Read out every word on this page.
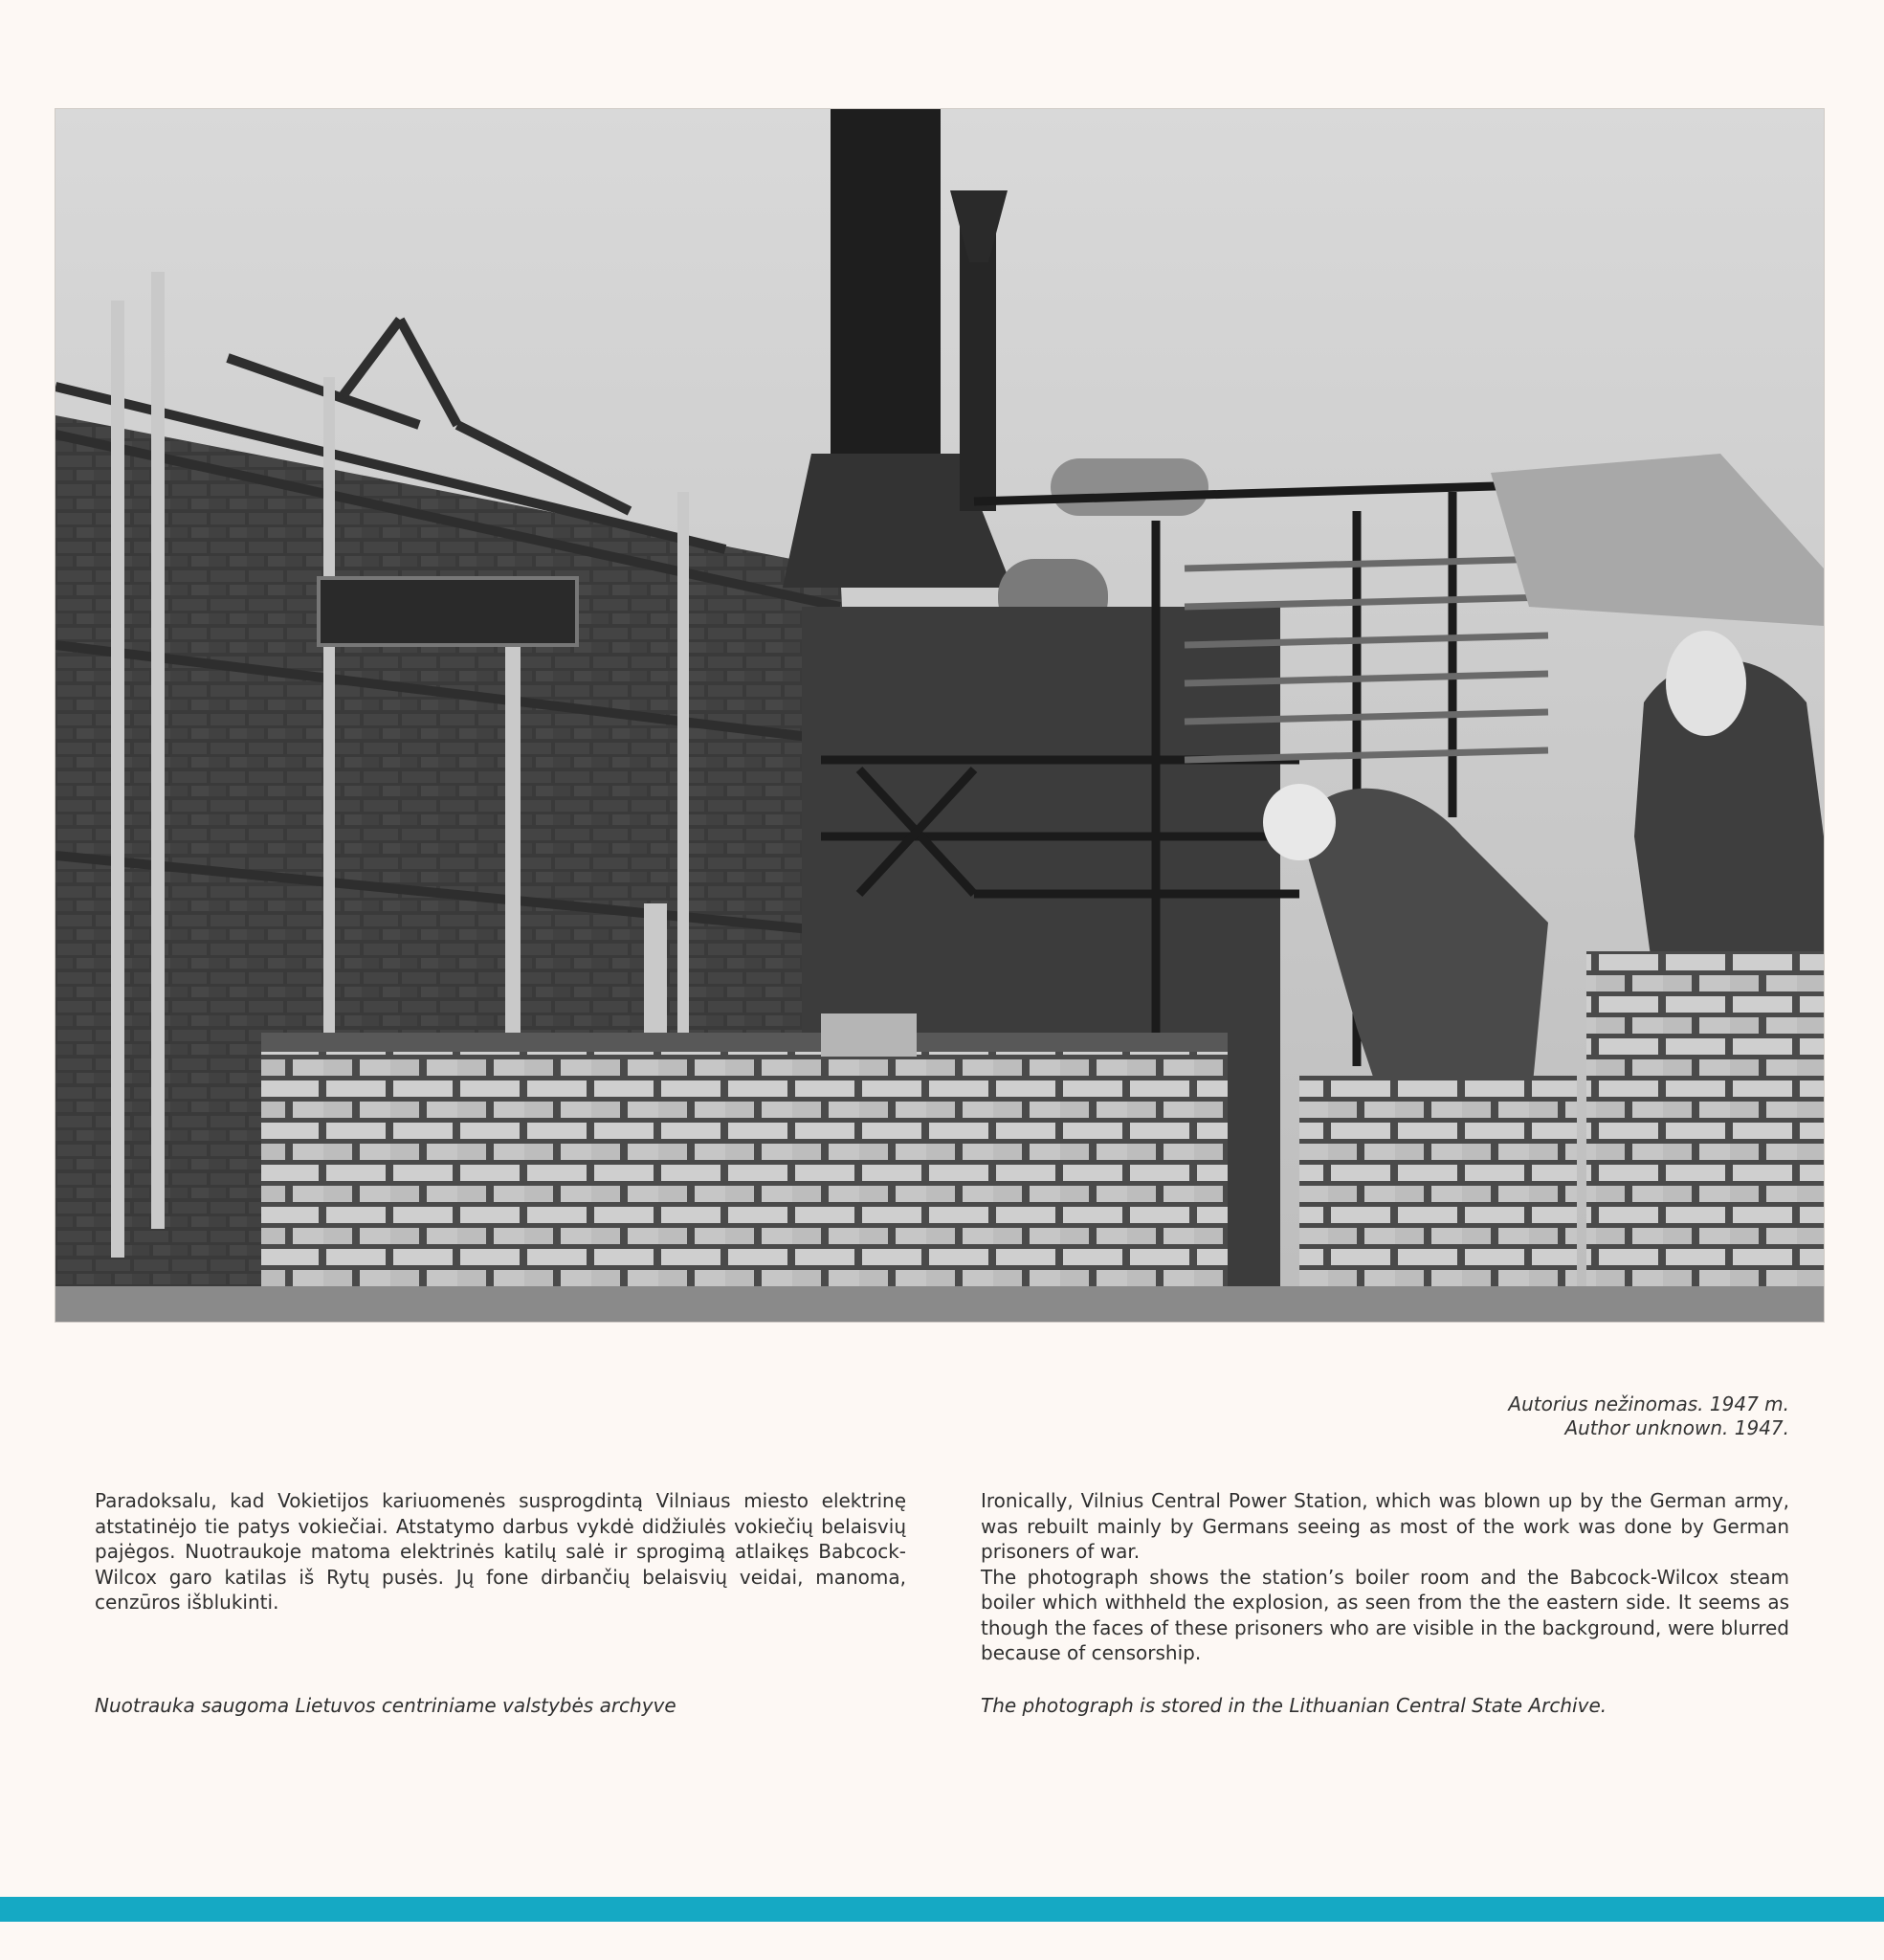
Autorius nežinomas. 1947 m.
Author unknown. 1947.

Paradoksalu, kad Vokietijos kariuomenės susprogdintą Vilniaus miesto elektrinę atstatinėjo tie patys vokiečiai. Atstatymo darbus vykdė didžiulės vokiečių belaisvių pajėgos. Nuotraukoje matoma elektrinės katilų salė ir sprogimą atlaikęs Babcock-Wilcox garo katilas iš Rytų pusės. Jų fone dirbančių belaisvių veidai, manoma, cenzūros išblukinti.

Ironically, Vilnius Central Power Station, which was blown up by the German army, was rebuilt mainly by Germans seeing as most of the work was done by German prisoners of war.

The photograph shows the station’s boiler room and the Babcock-Wilcox steam boiler which withheld the explosion, as seen from the the eastern side. It seems as though the faces of these prisoners who are visible in the background, were blurred because of censorship.

Nuotrauka saugoma Lietuvos centriniame valstybės archyve	The photograph is stored in the Lithuanian Central State Archive.
